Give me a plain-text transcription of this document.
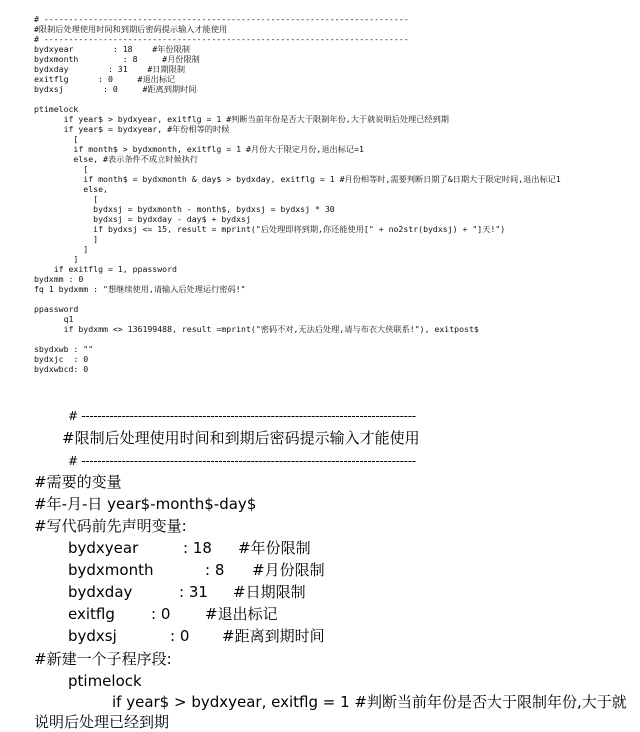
# --------------------------------------------------------------------------
#限制后处理使用时间和到期后密码提示输入才能使用
# --------------------------------------------------------------------------
bydxyear        : 18    #年份限制
bydxmonth         : 8     #月份限制
bydxday        : 31    #日期限制
exitflg      : 0     #退出标记
bydxsj        : 0     #距离到期时间
ptimelock
if year$ > bydxyear, exitflg = 1 #判断当前年份是否大于限制年份,大于就说明后处理已经到期
if year$ = bydxyear, #年份相等的时候
[
if month$ > bydxmonth, exitflg = 1 #月份大于限定月份,退出标记=1
else, #表示条件不成立时候执行
[
if month$ = bydxmonth & day$ > bydxday, exitflg = 1 #月份相等时,需要判断日期了&日期大于限定时间,退出标记1
else,
[
bydxsj = bydxmonth - month$, bydxsj = bydxsj * 30
bydxsj = bydxday - day$ + bydxsj
if bydxsj <= 15, result = mprint("后处理即将到期,你还能使用[" + no2str(bydxsj) + "]天!")
]
]
]
if exitflg = 1, ppassword
bydxmm : 0
fq 1 bydxmm : "想继续使用,请输入后处理运行密码!"
ppassword
q1
if bydxmm <> 136199488, result =mprint("密码不对,无法后处理,请与布衣大侠联系!"), exitpost$
sbydxwb : ""
bydxjc  : 0
bydxwbcd: 0
# -----------------------------------------------------------------------------------
#限制后处理使用时间和到期后密码提示输入才能使用
# -----------------------------------------------------------------------------------
#需要的变量
#年-月-日 year$-month$-day$
#写代码前先声明变量:
bydxyear	: 18 #年份限制
bydxmonth	: 8 #月份限制
bydxday	: 31 #日期限制
exitflg : 0 #退出标记
bydxsj	: 0 #距离到期时间
#新建一个子程序段:
ptimelock
if year$ > bydxyear, exitflg = 1 #判断当前年份是否大于限制年份,大于就
说明后处理已经到期
